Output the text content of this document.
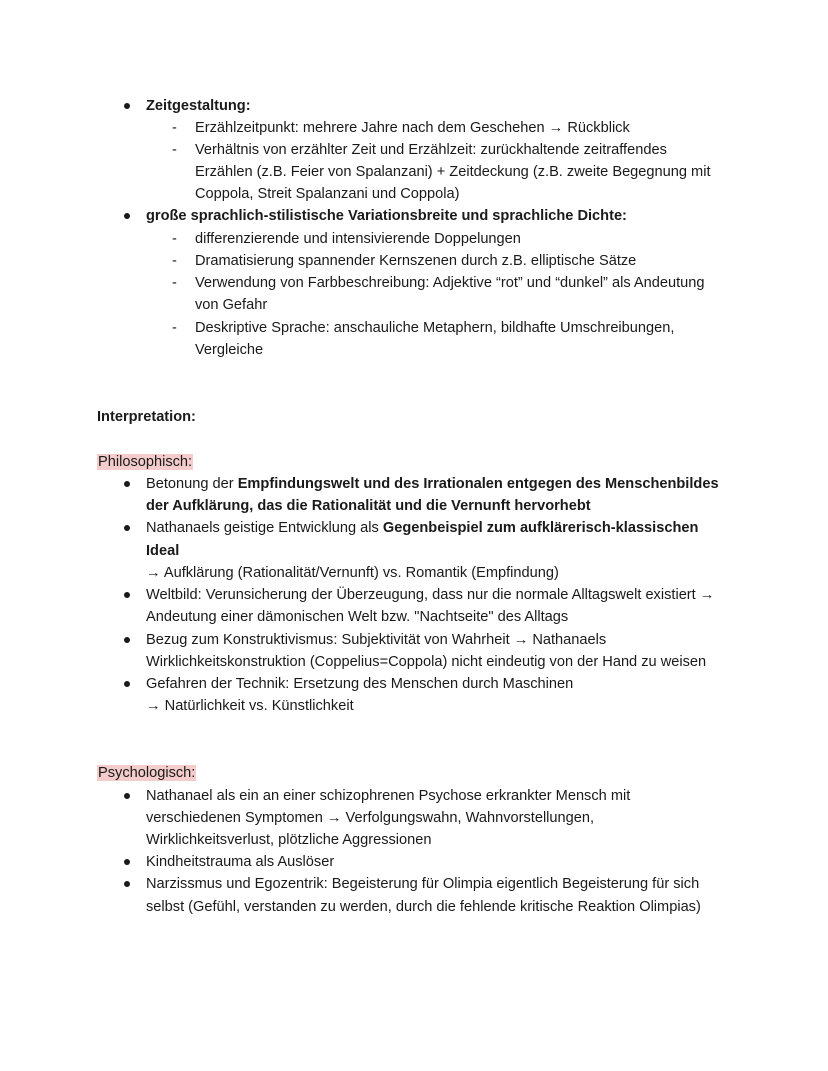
Zeitgestaltung:
- Erzählzeitpunkt: mehrere Jahre nach dem Geschehen → Rückblick
- Verhältnis von erzählter Zeit und Erzählzeit: zurückhaltende zeitraffendes
Erzählen (z.B. Feier von Spalanzani) + Zeitdeckung (z.B. zweite Begegnung mit
Coppola, Streit Spalanzani und Coppola)
große sprachlich-stilistische Variationsbreite und sprachliche Dichte:
- differenzierende und intensivierende Doppelungen
- Dramatisierung spannender Kernszenen durch z.B. elliptische Sätze
- Verwendung von Farbbeschreibung: Adjektive “rot” und “dunkel” als Andeutung
von Gefahr
- Deskriptive Sprache: anschauliche Metaphern, bildhafte Umschreibungen,
Vergleiche
Interpretation:
Philosophisch:
Betonung der Empfindungswelt und des Irrationalen entgegen des Menschenbildes
der Aufklärung, das die Rationalität und die Vernunft hervorhebt
Nathanaels geistige Entwicklung als Gegenbeispiel zum aufklärerisch-klassischen
Ideal
→ Aufklärung (Rationalität/Vernunft) vs. Romantik (Empfindung)
Weltbild: Verunsicherung der Überzeugung, dass nur die normale Alltagswelt existiert →
Andeutung einer dämonischen Welt bzw. "Nachtseite" des Alltags
Bezug zum Konstruktivismus: Subjektivität von Wahrheit → Nathanaels
Wirklichkeitskonstruktion (Coppelius=Coppola) nicht eindeutig von der Hand zu weisen
Gefahren der Technik: Ersetzung des Menschen durch Maschinen
→ Natürlichkeit vs. Künstlichkeit
Psychologisch:
Nathanael als ein an einer schizophrenen Psychose erkrankter Mensch mit
verschiedenen Symptomen → Verfolgungswahn, Wahnvorstellungen,
Wirklichkeitsverlust, plötzliche Aggressionen
Kindheitstrauma als Auslöser
Narzissmus und Egozentrik: Begeisterung für Olimpia eigentlich Begeisterung für sich
selbst (Gefühl, verstanden zu werden, durch die fehlende kritische Reaktion Olimpias)
